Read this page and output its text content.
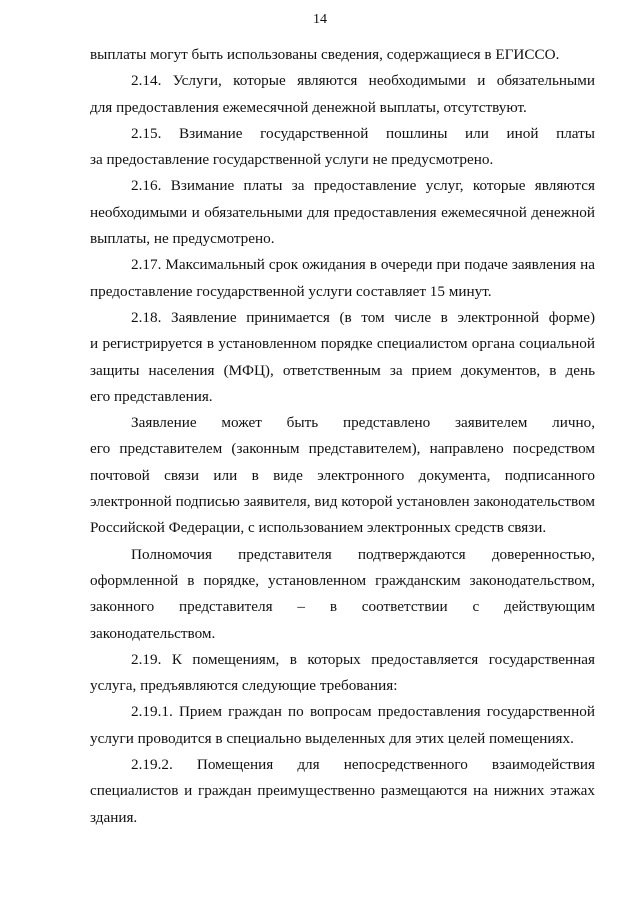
14
выплаты могут быть использованы сведения, содержащиеся в ЕГИССО.
2.14. Услуги, которые являются необходимыми и обязательными
для предоставления ежемесячной денежной выплаты, отсутствуют.
2.15. Взимание государственной пошлины или иной платы
за предоставление государственной услуги не предусмотрено.
2.16. Взимание платы за предоставление услуг, которые являются
необходимыми и обязательными для предоставления ежемесячной денежной
выплаты, не предусмотрено.
2.17. Максимальный срок ожидания в очереди при подаче заявления на
предоставление государственной услуги составляет 15 минут.
2.18. Заявление принимается (в том числе в электронной форме)
и регистрируется в установленном порядке специалистом органа социальной
защиты населения (МФЦ), ответственным за прием документов, в день
его представления.
Заявление может быть представлено заявителем лично,
его представителем (законным представителем), направлено посредством
почтовой связи или в виде электронного документа, подписанного
электронной подписью заявителя, вид которой установлен законодательством
Российской Федерации, с использованием электронных средств связи.
Полномочия представителя подтверждаются доверенностью,
оформленной в порядке, установленном гражданским законодательством,
законного представителя – в соответствии с действующим
законодательством.
2.19. К помещениям, в которых предоставляется государственная
услуга, предъявляются следующие требования:
2.19.1. Прием граждан по вопросам предоставления государственной
услуги проводится в специально выделенных для этих целей помещениях.
2.19.2. Помещения для непосредственного взаимодействия
специалистов и граждан преимущественно размещаются на нижних этажах
здания.
